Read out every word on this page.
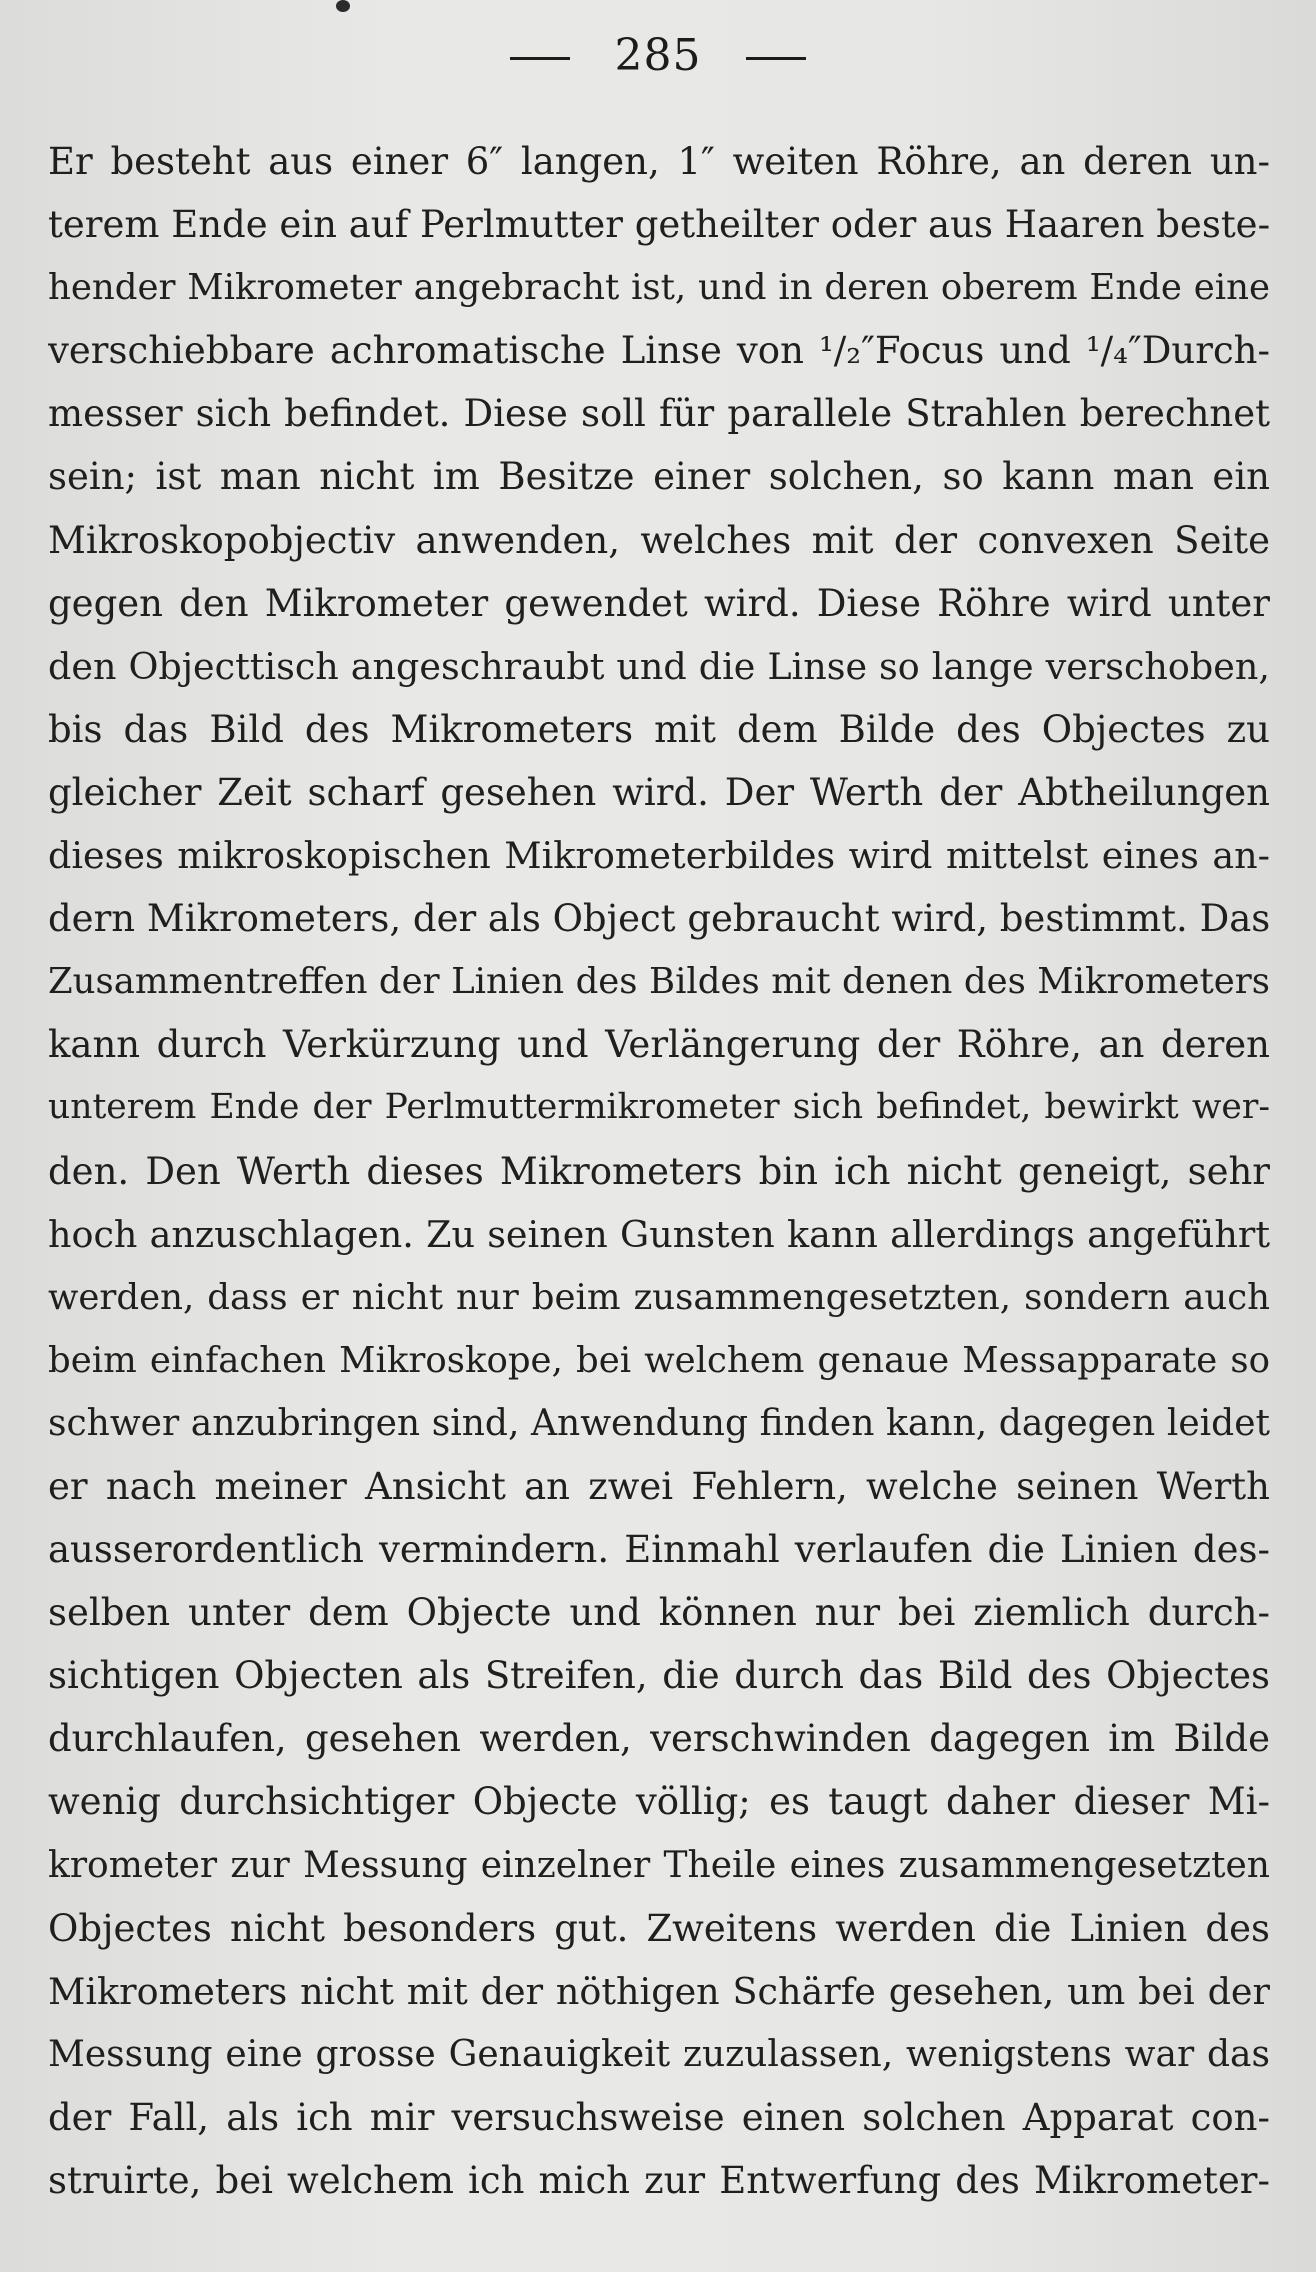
285
Er besteht aus einer 6″ langen, 1″ weiten Röhre, an deren un-
terem Ende ein auf Perlmutter getheilter oder aus Haaren beste-
hender Mikrometer angebracht ist, und in deren oberem Ende eine
verschiebbare achromatische Linse von ¹/₂″Focus und ¹/₄″Durch-
messer sich befindet. Diese soll für parallele Strahlen berechnet
sein; ist man nicht im Besitze einer solchen, so kann man ein
Mikroskopobjectiv anwenden, welches mit der convexen Seite
gegen den Mikrometer gewendet wird. Diese Röhre wird unter
den Objecttisch angeschraubt und die Linse so lange verschoben,
bis das Bild des Mikrometers mit dem Bilde des Objectes zu
gleicher Zeit scharf gesehen wird. Der Werth der Abtheilungen
dieses mikroskopischen Mikrometerbildes wird mittelst eines an-
dern Mikrometers, der als Object gebraucht wird, bestimmt. Das
Zusammentreffen der Linien des Bildes mit denen des Mikrometers
kann durch Verkürzung und Verlängerung der Röhre, an deren
unterem Ende der Perlmuttermikrometer sich befindet, bewirkt wer-
den. Den Werth dieses Mikrometers bin ich nicht geneigt, sehr
hoch anzuschlagen. Zu seinen Gunsten kann allerdings angeführt
werden, dass er nicht nur beim zusammengesetzten, sondern auch
beim einfachen Mikroskope, bei welchem genaue Messapparate so
schwer anzubringen sind, Anwendung finden kann, dagegen leidet
er nach meiner Ansicht an zwei Fehlern, welche seinen Werth
ausserordentlich vermindern. Einmahl verlaufen die Linien des-
selben unter dem Objecte und können nur bei ziemlich durch-
sichtigen Objecten als Streifen, die durch das Bild des Objectes
durchlaufen, gesehen werden, verschwinden dagegen im Bilde
wenig durchsichtiger Objecte völlig; es taugt daher dieser Mi-
krometer zur Messung einzelner Theile eines zusammengesetzten
Objectes nicht besonders gut. Zweitens werden die Linien des
Mikrometers nicht mit der nöthigen Schärfe gesehen, um bei der
Messung eine grosse Genauigkeit zuzulassen, wenigstens war das
der Fall, als ich mir versuchsweise einen solchen Apparat con-
struirte, bei welchem ich mich zur Entwerfung des Mikrometer-
